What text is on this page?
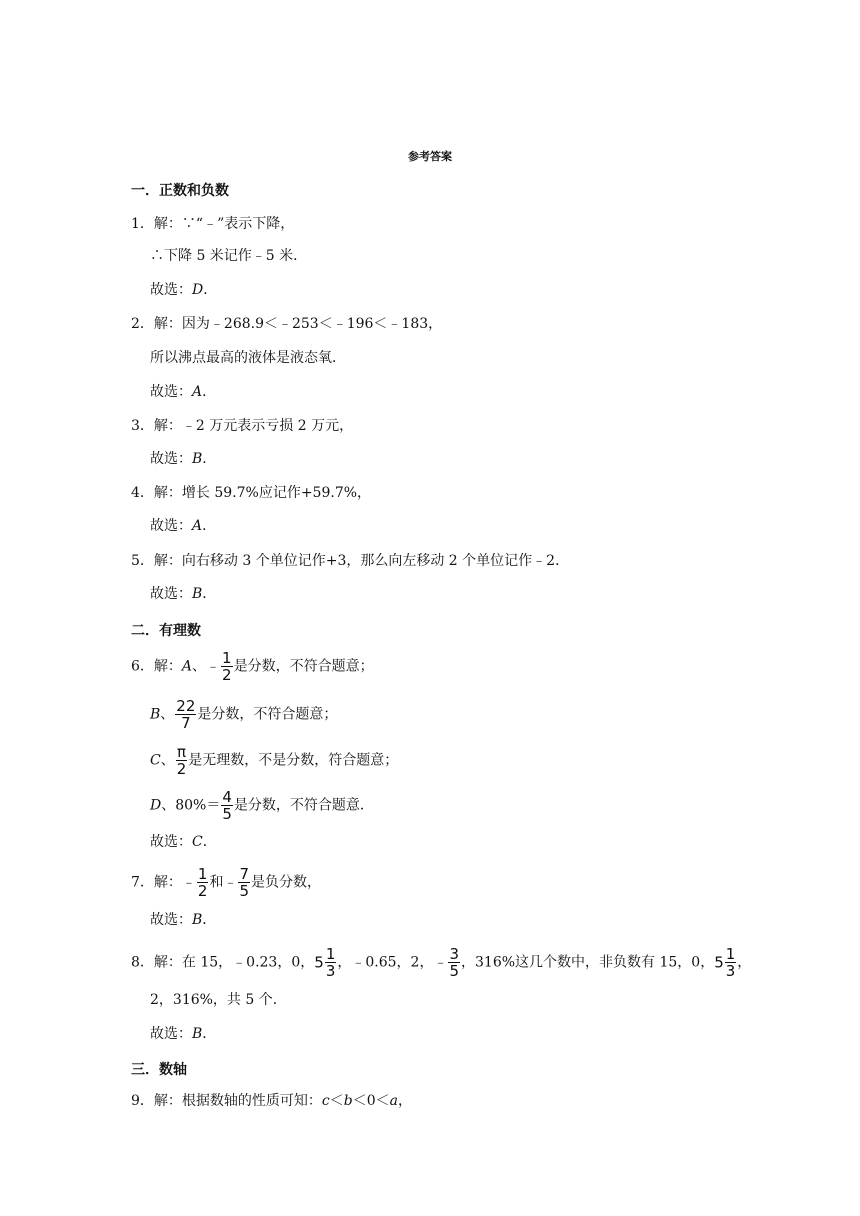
参考答案
一．正数和负数
1．解：∵“﹣”表示下降，
∴下降 5 米记作﹣5 米．
故选：D．
2．解：因为﹣268.9＜﹣253＜﹣196＜﹣183，
所以沸点最高的液体是液态氧．
故选：A．
3．解：﹣2 万元表示亏损 2 万元，
故选：B．
4．解：增长 59.7%应记作+59.7%，
故选：A．
5．解：向右移动 3 个单位记作+3，那么向左移动 2 个单位记作﹣2．
故选：B．
二．有理数
6．解：A、﹣ $\frac{1}{2}$ 是分数，不符合题意；
B、 $\frac{22}{7}$ 是分数，不符合题意；
C、 $\frac{\pi}{2}$ 是无理数，不是分数，符合题意；
D、$80\%= \frac{4}{5}$ 是分数，不符合题意．
故选：C．
7．解：﹣ $\frac{1}{2}$ 和﹣ $\frac{7}{5}$ 是负分数，
故选：B．
8．解：在 15，﹣0.23，0，$5 \frac{1}{3}$ ，﹣0.65，2，﹣ $\frac{3}{5}$ ，316%这几个数中，非负数有 15，0，$5 \frac{1}{3}$ ，
2，316%，共 5 个．
故选：B．
三．数轴
9．解：根据数轴的性质可知：c＜b＜0＜a，
